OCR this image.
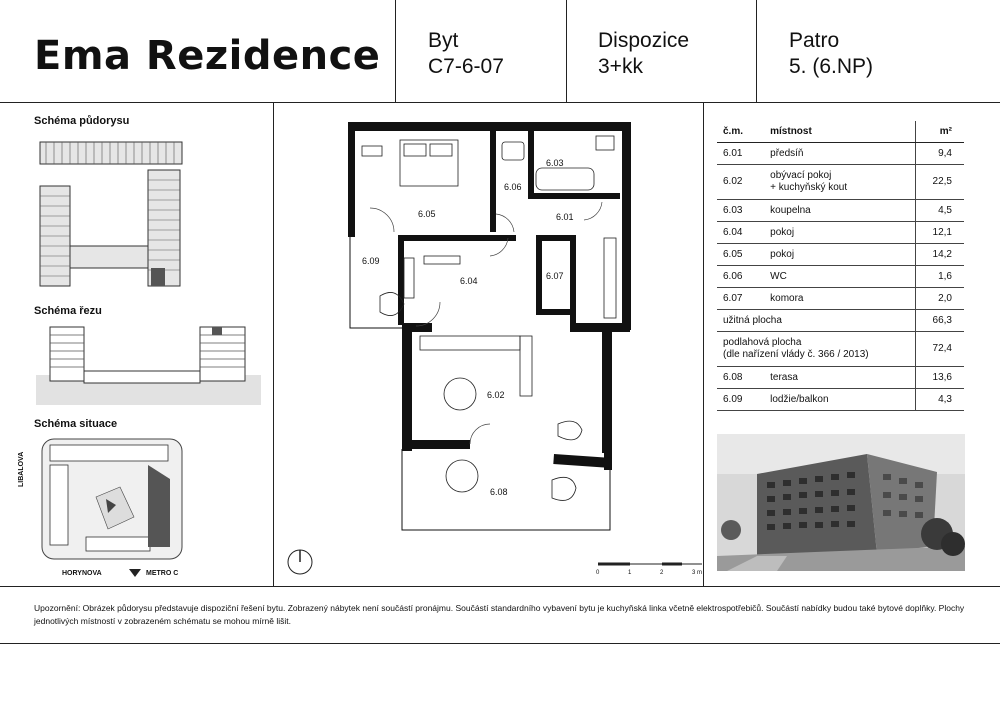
Ema Rezidence Byt
C7-6-07
Dispozice
3+kk
Patro
5. (6.NP)
Schéma půdorysu
Schéma řezu
Schéma situace
LIBALOVA
HORYNOVA	METRO C
6.05
6.06
6.03
6.01
6.09
6.04	6.07
6.02
6.08
0	1	2	3 m
č.m.	místnost	m²
6.01	předsíň	9,4
6.02	obývací pokoj
+ kuchyňský kout	22,5
6.03	koupelna	4,5
6.04	pokoj	12,1
6.05	pokoj	14,2
6.06	WC	1,6
6.07	komora	2,0
užitná plocha		66,3

podlahová plocha
(dle nařízení vlády č. 366 / 2013)		72,4
6.08	terasa	13,6
6.09	lodžie/balkon	4,3
Upozornění: Obrázek půdorysu představuje dispoziční řešení bytu. Zobrazený nábytek není součástí pronájmu. Součástí standardního vybavení bytu je kuchyňská linka včetně elektrospotřebičů. Součástí nabídky budou také bytové doplňky. Plochy jednotlivých místností v zobrazeném schématu se mohou mírně lišit.
